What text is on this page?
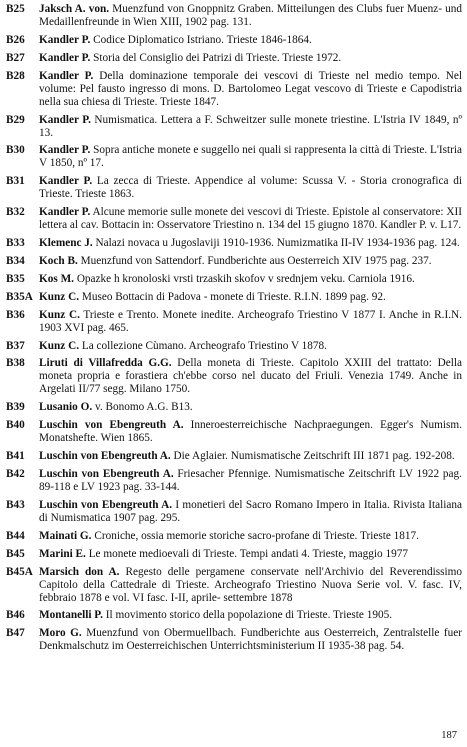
B25	Jaksch A. von. Muenzfund von Gnoppnitz Graben. Mitteilungen des Clubs fuer Muenz- und Medaillenfreunde in Wien XIII, 1902 pag. 131.
B26	Kandler P. Codice Diplomatico Istriano. Trieste 1846-1864.
B27	Kandler P. Storia del Consiglio dei Patrizi di Trieste. Trieste 1972.
B28	Kandler P. Della dominazione temporale dei vescovi di Trieste nel medio tempo. Nel volume: Pel fausto ingresso di mons. D. Bartolomeo Legat vescovo di Trieste e Capodistria nella sua chiesa di Trieste. Trieste 1847.
B29	Kandler P. Numismatica. Lettera a F. Schweitzer sulle monete triestine. L'Istria IV 1849, nº 13.
B30	Kandler P. Sopra antiche monete e suggello nei quali si rappresenta la città di Trieste. L'Istria V 1850, nº 17.
B31	Kandler P. La zecca di Trieste. Appendice al volume: Scussa V. - Storia cronografica di Trieste. Trieste 1863.
B32	Kandler P. Alcune memorie sulle monete dei vescovi di Trieste. Epistole al conservatore: XII lettera al cav. Bottacin in: Osservatore Triestino n. 134 del 15 giugno 1870. Kandler P. v. L17.
B33	Klemenc J. Nalazi novaca u Jugoslaviji 1910-1936. Numizmatika II-IV 1934-1936 pag. 124.
B34	Koch B. Muenzfund von Sattendorf. Fundberichte aus Oesterreich XIV 1975 pag. 237.
B35	Kos M. Opazke h kronoloski vrsti trzaskih skofov v srednjem veku. Carniola 1916.
B35A Kunz C. Museo Bottacin di Padova - monete di Trieste. R.I.N. 1899 pag. 92.
B36	Kunz C. Trieste e Trento. Monete inedite. Archeografo Triestino V 1877 I. Anche in R.I.N. 1903 XVI pag. 465.
B37	Kunz C. La collezione Cùmano. Archeografo Triestino V 1878.
B38	Liruti di Villafredda G.G. Della moneta di Trieste. Capitolo XXIII del trattato: Della moneta propria e forastiera ch'ebbe corso nel ducato del Friuli. Venezia 1749. Anche in Argelati II/77 segg. Milano 1750.
B39	Lusanio O. v. Bonomo A.G. B13.
B40	Luschin von Ebengreuth A. Inneroesterreichische Nachpraegungen. Egger's Numism. Monatshefte. Wien 1865.
B41	Luschin von Ebengreuth A. Die Aglaier. Numismatische Zeitschrift III 1871 pag. 192-208.
B42	Luschin von Ebengreuth A. Friesacher Pfennige. Numismatische Zeitschrift LV 1922 pag. 89-118 e LV 1923 pag. 33-144.
B43	Luschin von Ebengreuth A. I monetieri del Sacro Romano Impero in Italia. Rivista Italiana di Numismatica 1907 pag. 295.
B44	Mainati G. Croniche, ossia memorie storiche sacro-profane di Trieste. Trieste 1817.
B45	Marini E. Le monete medioevali di Trieste. Tempi andati 4. Trieste, maggio 1977
B45A Marsich don A. Regesto delle pergamene conservate nell'Archivio del Reverendissimo Capitolo della Cattedrale di Trieste. Archeografo Triestino Nuova Serie vol. V. fasc. IV, febbraio 1878 e vol. VI fasc. I-II, aprile- settembre 1878
B46	Montanelli P. Il movimento storico della popolazione di Trieste. Trieste 1905.
B47	Moro G. Muenzfund von Obermuellbach. Fundberichte aus Oesterreich, Zentralstelle fuer Denkmalschutz im Oesterreichischen Unterrichtsministerium II 1935-38 pag. 54.
187
